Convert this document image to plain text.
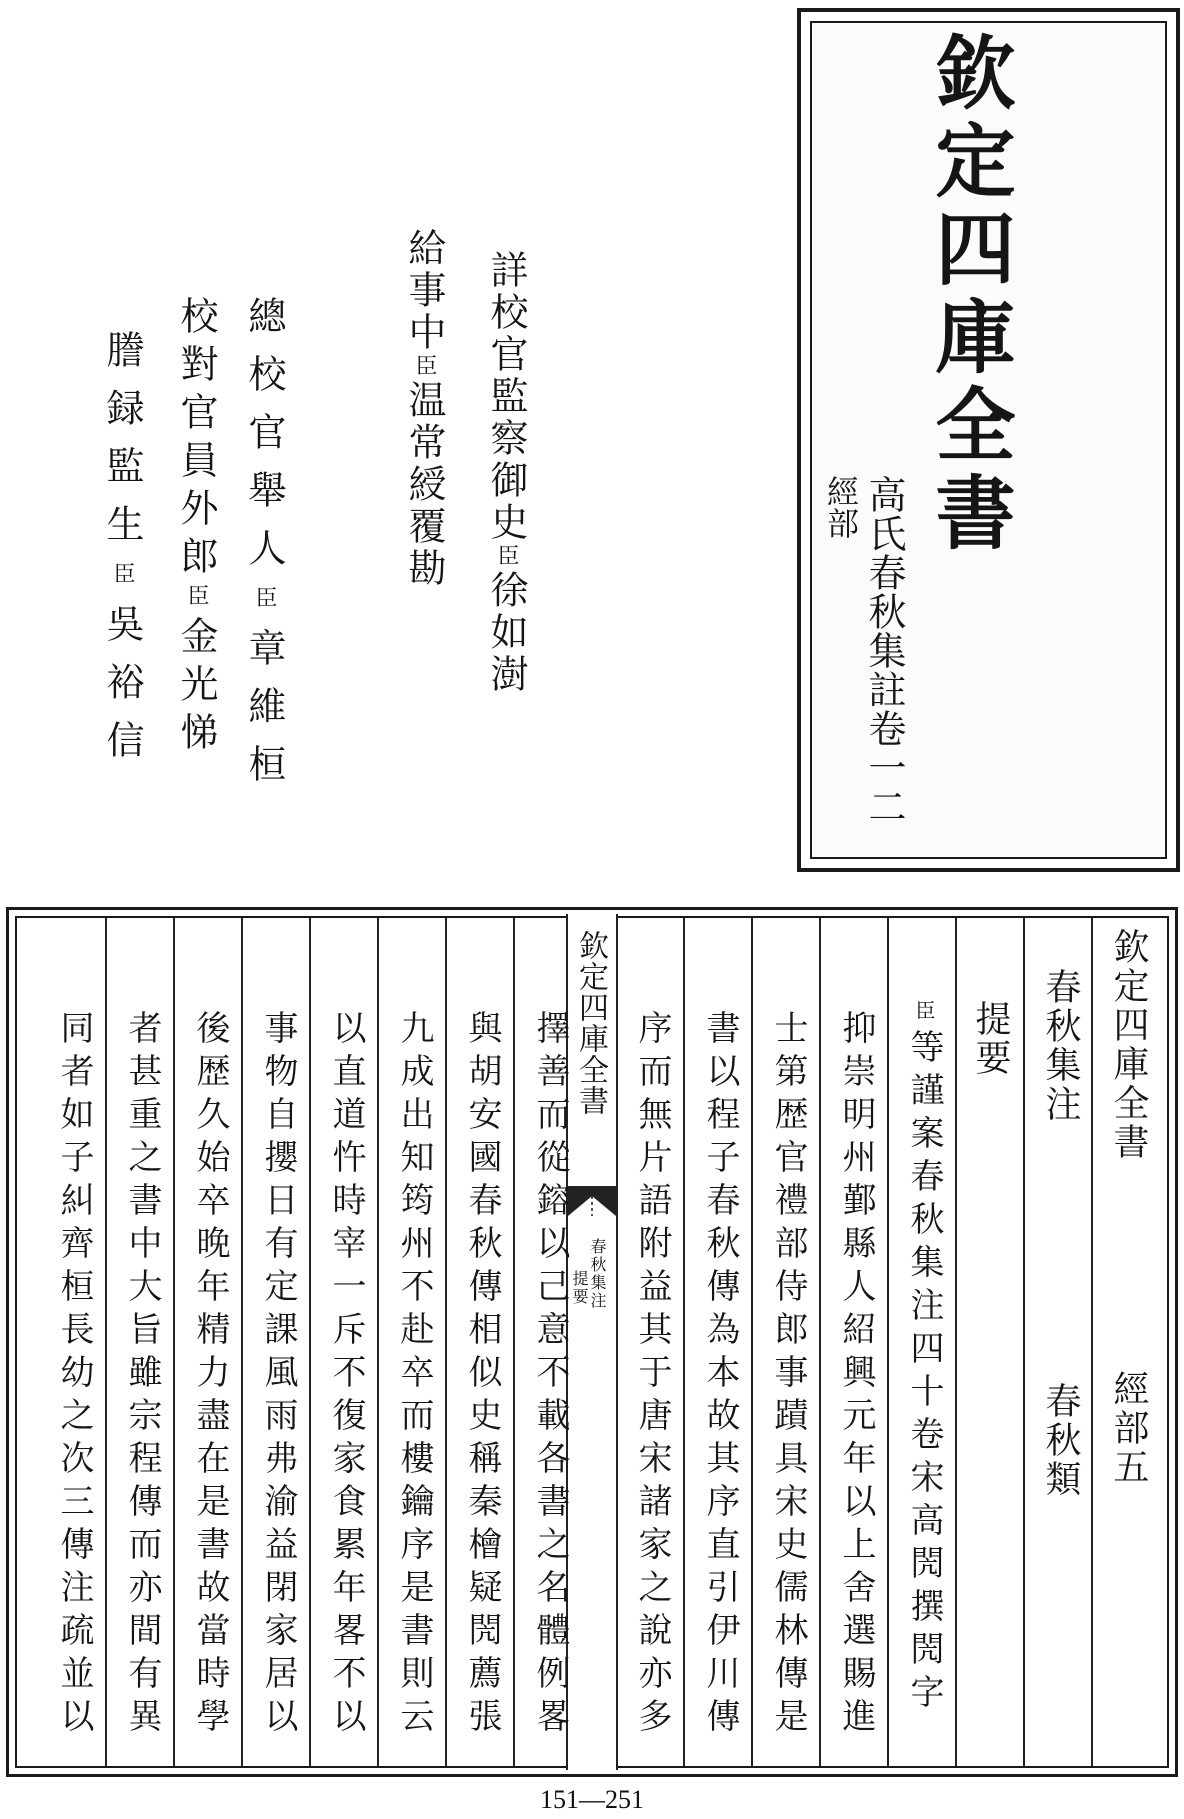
欽定四庫全書
經部 高氏春秋集註卷一二
詳校官監察御史臣徐如澍
給事中臣温常綬覆勘
總校官舉人臣章維桓
校對官員外郎臣金光悌
謄録監生臣吳裕信
欽定四庫全書
春秋集注
提要
欽定四庫全書
經部五
春秋集注
春秋類
提要
臣等謹案春秋集注四十卷宋高閌撰閌字
抑崇明州鄞縣人紹興元年以上舍選賜進
士第歴官禮部侍郎事蹟具宋史儒林傳是
書以程子春秋傳為本故其序直引伊川傳
序而無片語附益其于唐宋諸家之說亦多
擇善而從鎔以己意不載各書之名體例畧
與胡安國春秋傳相似史稱秦檜疑閌薦張
九成出知筠州不赴卒而樓鑰序是書則云
以直道忤時宰一斥不復家食累年畧不以
事物自攖日有定課風雨弗渝益閉家居以
後歴久始卒晚年精力盡在是書故當時學
者甚重之書中大旨雖宗程傳而亦間有異
同者如子糾齊桓長幼之次三傳注疏並以
151—251
